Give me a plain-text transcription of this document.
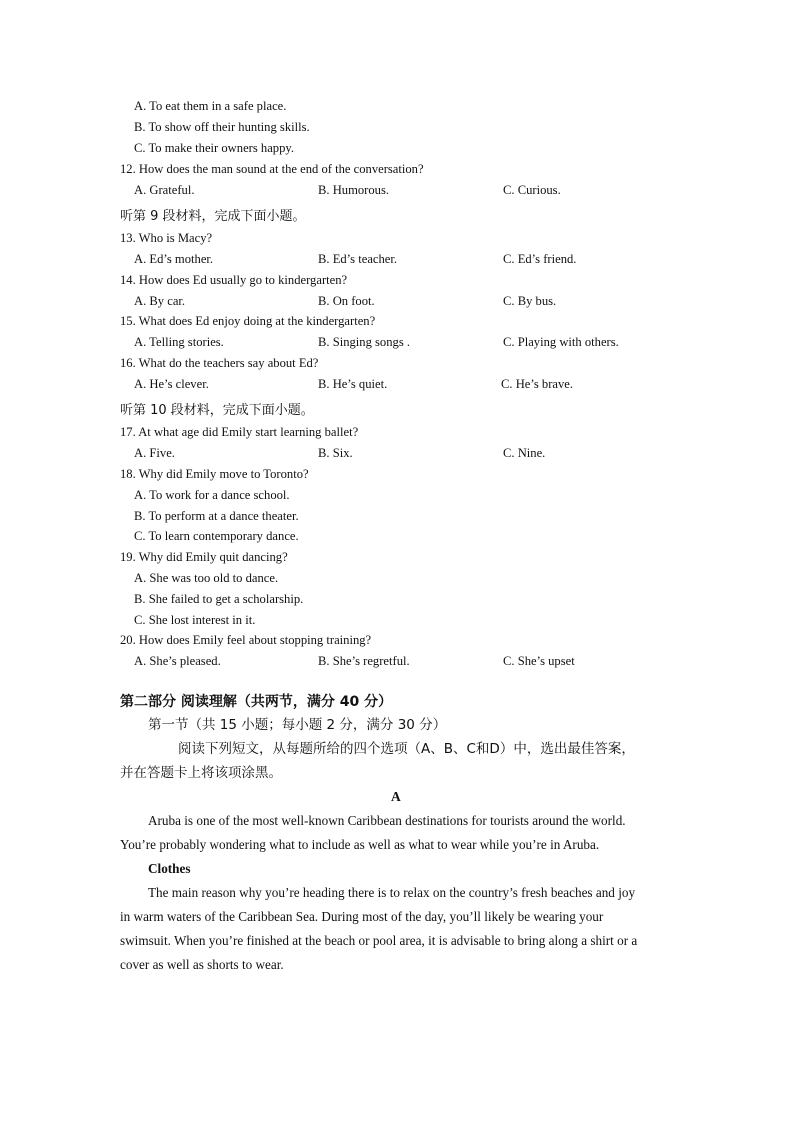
A. To eat them in a safe place.
B. To show off their hunting skills.
C. To make their owners happy.
12. How does the man sound at the end of the conversation?
A. Grateful.	B. Humorous.	C. Curious.
听第 9 段材料，完成下面小题。
13. Who is Macy?
A. Ed’s mother.	B. Ed’s teacher.	C. Ed’s friend.
14. How does Ed usually go to kindergarten?
A. By car.	B. On foot.	C. By bus.
15. What does Ed enjoy doing at the kindergarten?
A. Telling stories.	B. Singing songs .	C. Playing with others.
16. What do the teachers say about Ed?
A. He’s clever.	B. He’s quiet.	C. He’s brave.
听第 10 段材料，完成下面小题。
17. At what age did Emily start learning ballet?
A. Five.	B. Six.	C. Nine.
18. Why did Emily move to Toronto?
A. To work for a dance school.
B. To perform at a dance theater.
C. To learn contemporary dance.
19. Why did Emily quit dancing?
A. She was too old to dance.
B. She failed to get a scholarship.
C. She lost interest in it.
20. How does Emily feel about stopping training?
A. She’s pleased.	B. She’s regretful.	C. She’s upset
第二部分 阅读理解（共两节，满分 40 分）
第一节（共 15 小题；每小题 2 分，满分 30 分）
阅读下列短文，从每题所给的四个选项（A、B、C和D）中，选出最佳答案，
并在答题卡上将该项涂黑。
A
Aruba is one of the most well-known Caribbean destinations for tourists around the world.
You’re probably wondering what to include as well as what to wear while you’re in Aruba.
Clothes
The main reason why you’re heading there is to relax on the country’s fresh beaches and joy
in warm waters of the Caribbean Sea. During most of the day, you’ll likely be wearing your
swimsuit. When you’re finished at the beach or pool area, it is advisable to bring along a shirt or a
cover as well as shorts to wear.
